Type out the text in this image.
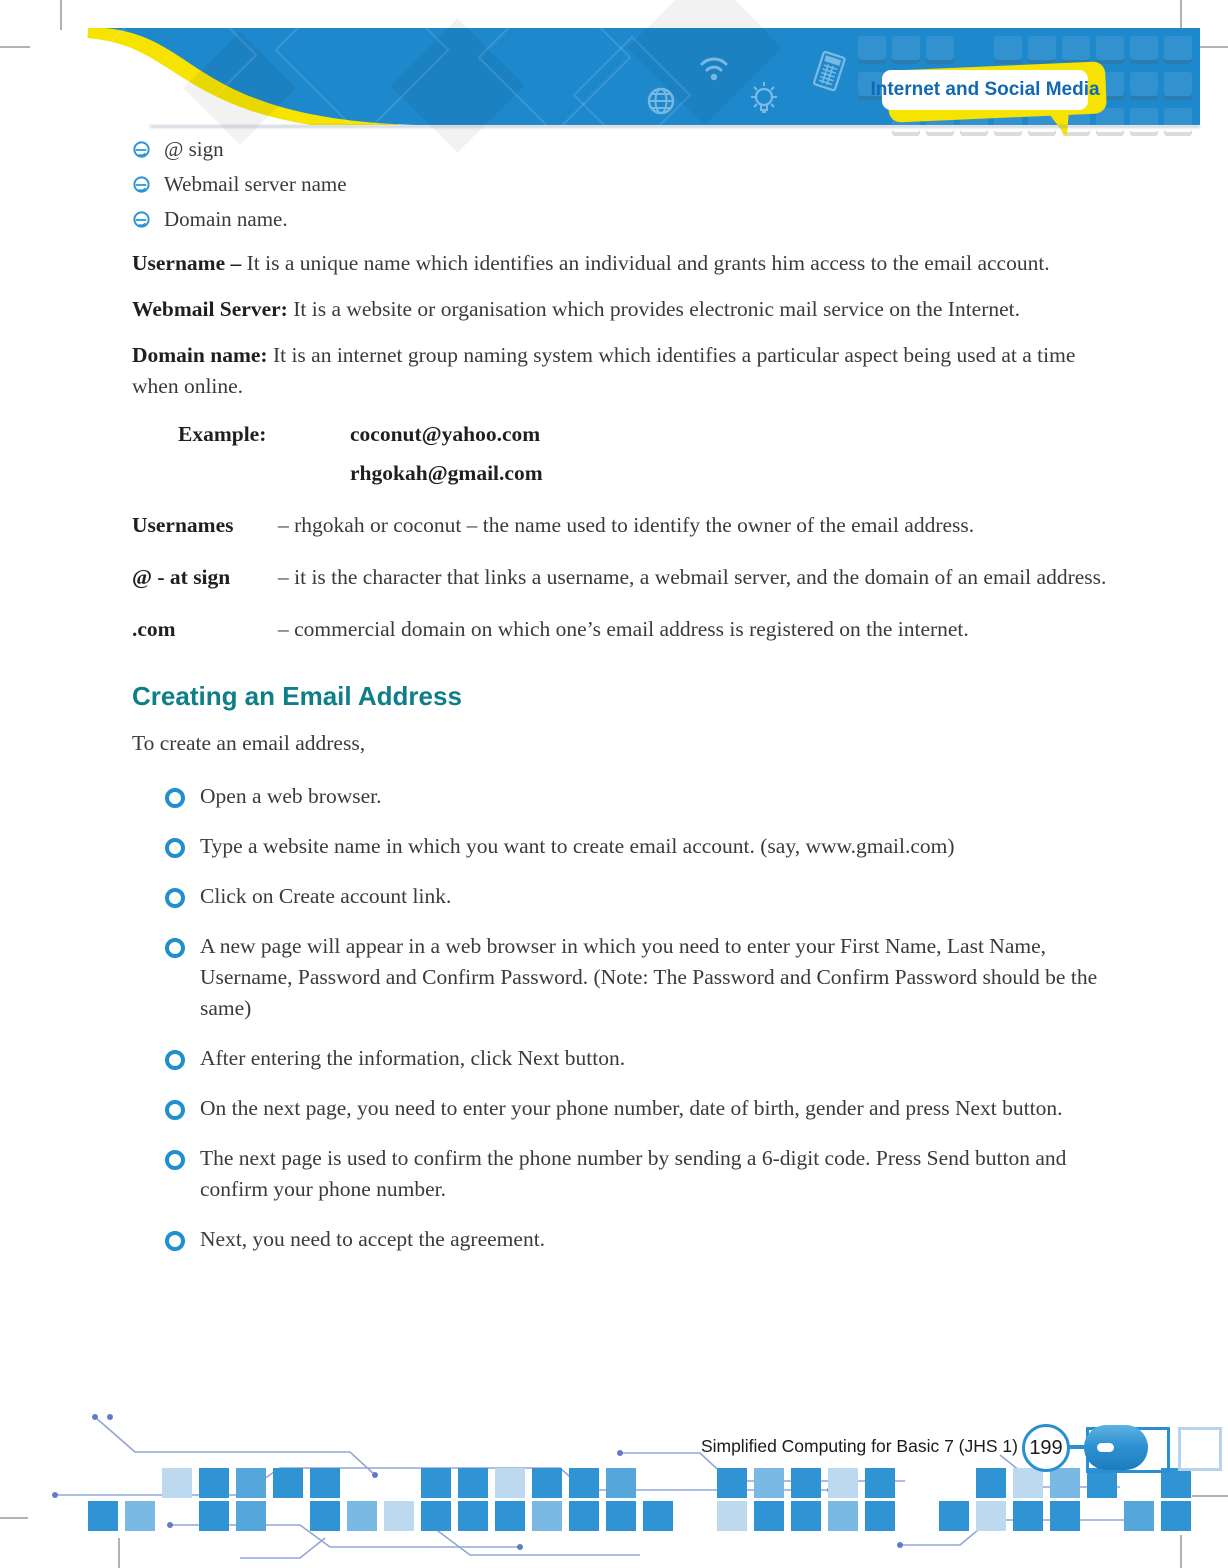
Internet and Social Media
@ sign
Webmail server name
Domain name.

Username – It is a unique name which identifies an individual and grants him access to the email account.

Webmail Server: It is a website or organisation which provides electronic mail service on the Internet.

Domain name: It is an internet group naming system which identifies a particular aspect being used at a time when online.

Example:	coconut@yahoo.com
rhgokah@gmail.com
Usernames	– rhgokah or coconut – the name used to identify the owner of the email address.
@ - at sign	– it is the character that links a username, a webmail server, and the domain of an email address.
.com	– commercial domain on which one’s email address is registered on the internet.
Creating an Email Address

To create an email address,

Open a web browser.
Type a website name in which you want to create email account. (say, www.gmail.com)
Click on Create account link.
A new page will appear in a web browser in which you need to enter your First Name, Last Name, Username, Password and Confirm Password. (Note: The Password and Confirm Password should be the same)
After entering the information, click Next button.
On the next page, you need to enter your phone number, date of birth, gender and press Next button.
The next page is used to confirm the phone number by sending a 6-digit code. Press Send button and confirm your phone number.
Next, you need to accept the agreement.
Simplified Computing for Basic 7 (JHS 1) 199
